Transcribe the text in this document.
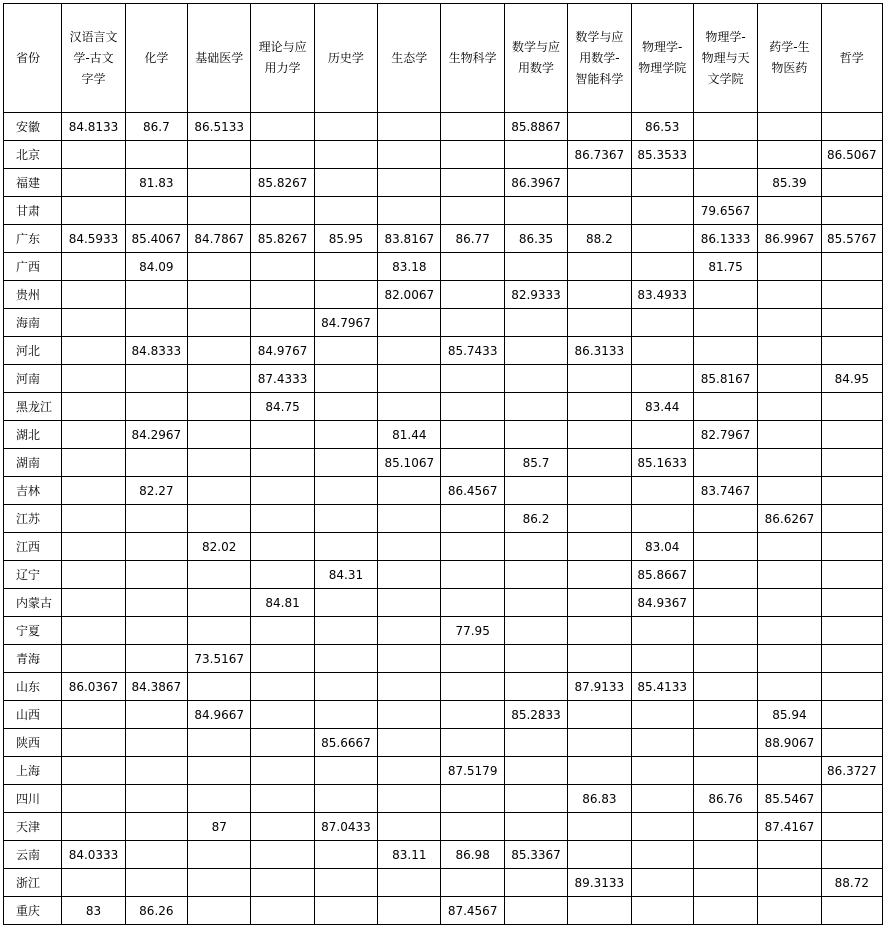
省份	汉语言文学-古文字学	化学	基础医学	理论与应用力学	历史学	生态学	生物科学	数学与应用数学	数学与应用数学-智能科学	物理学-物理学院	物理学-物理与天文学院	药学-生物医药	哲学
安徽	84.8133	86.7	86.5133					85.8867		86.53			
北京									86.7367	85.3533			86.5067
福建		81.83		85.8267				86.3967				85.39	
甘肃											79.6567		
广东	84.5933	85.4067	84.7867	85.8267	85.95	83.8167	86.77	86.35	88.2		86.1333	86.9967	85.5767
广西		84.09				83.18					81.75		
贵州						82.0067		82.9333		83.4933			
海南					84.7967								
河北		84.8333		84.9767			85.7433		86.3133				
河南				87.4333							85.8167		84.95
黑龙江				84.75						83.44			
湖北		84.2967				81.44					82.7967		
湖南						85.1067		85.7		85.1633			
吉林		82.27					86.4567				83.7467		
江苏								86.2				86.6267	
江西			82.02							83.04			
辽宁					84.31					85.8667			
内蒙古				84.81						84.9367			
宁夏							77.95						
青海			73.5167										
山东	86.0367	84.3867							87.9133	85.4133			
山西			84.9667					85.2833				85.94	
陕西					85.6667							88.9067	
上海							87.5179						86.3727
四川									86.83		86.76	85.5467	
天津			87		87.0433							87.4167	
云南	84.0333					83.11	86.98	85.3367					
浙江									89.3133				88.72
重庆	83	86.26					87.4567						
